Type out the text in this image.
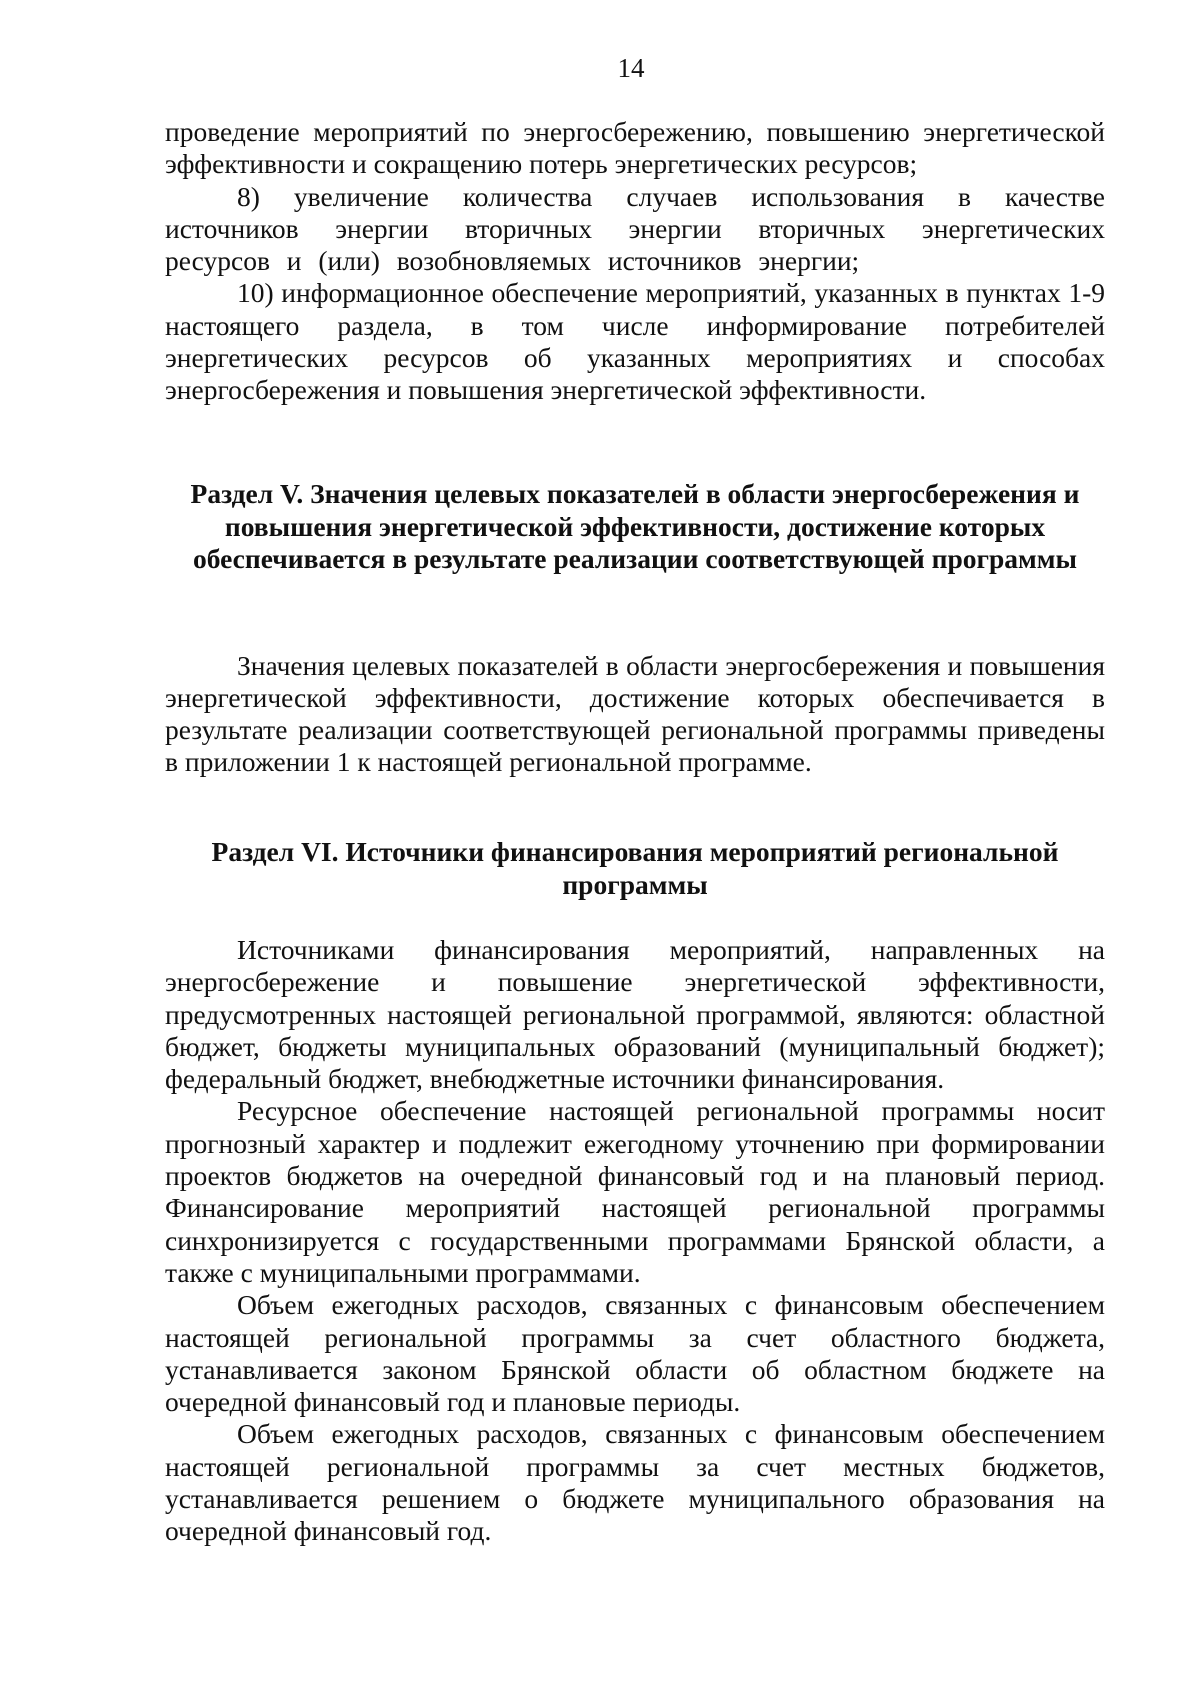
14

проведение мероприятий по энергосбережению, повышению энергетической эффективности и сокращению потерь энергетических ресурсов;

8) увеличение количества случаев использования в качестве источников энергии вторичных энергии вторичных энергетических ресурсов и (или) возобновляемых источников энергии;

10) информационное обеспечение мероприятий, указанных в пунктах 1-9 настоящего раздела, в том числе информирование потребителей энергетических ресурсов об указанных мероприятиях и способах энергосбережения и повышения энергетической эффективности.

Раздел V. Значения целевых показателей в области энергосбережения и повышения энергетической эффективности, достижение которых обеспечивается в результате реализации соответствующей программы

Значения целевых показателей в области энергосбережения и повышения энергетической эффективности, достижение которых обеспечивается в результате реализации соответствующей региональной программы приведены в приложении 1 к настоящей региональной программе.

Раздел VI. Источники финансирования мероприятий региональной программы

Источниками финансирования мероприятий, направленных на энергосбережение и повышение энергетической эффективности, предусмотренных настоящей региональной программой, являются: областной бюджет, бюджеты муниципальных образований (муниципальный бюджет); федеральный бюджет, внебюджетные источники финансирования.

Ресурсное обеспечение настоящей региональной программы носит прогнозный характер и подлежит ежегодному уточнению при формировании проектов бюджетов на очередной финансовый год и на плановый период. Финансирование мероприятий настоящей региональной программы синхронизируется с государственными программами Брянской области, а также с муниципальными программами.

Объем ежегодных расходов, связанных с финансовым обеспечением настоящей региональной программы за счет областного бюджета, устанавливается законом Брянской области об областном бюджете на очередной финансовый год и плановые периоды.

Объем ежегодных расходов, связанных с финансовым обеспечением настоящей региональной программы за счет местных бюджетов, устанавливается решением о бюджете муниципального образования на очередной финансовый год.
